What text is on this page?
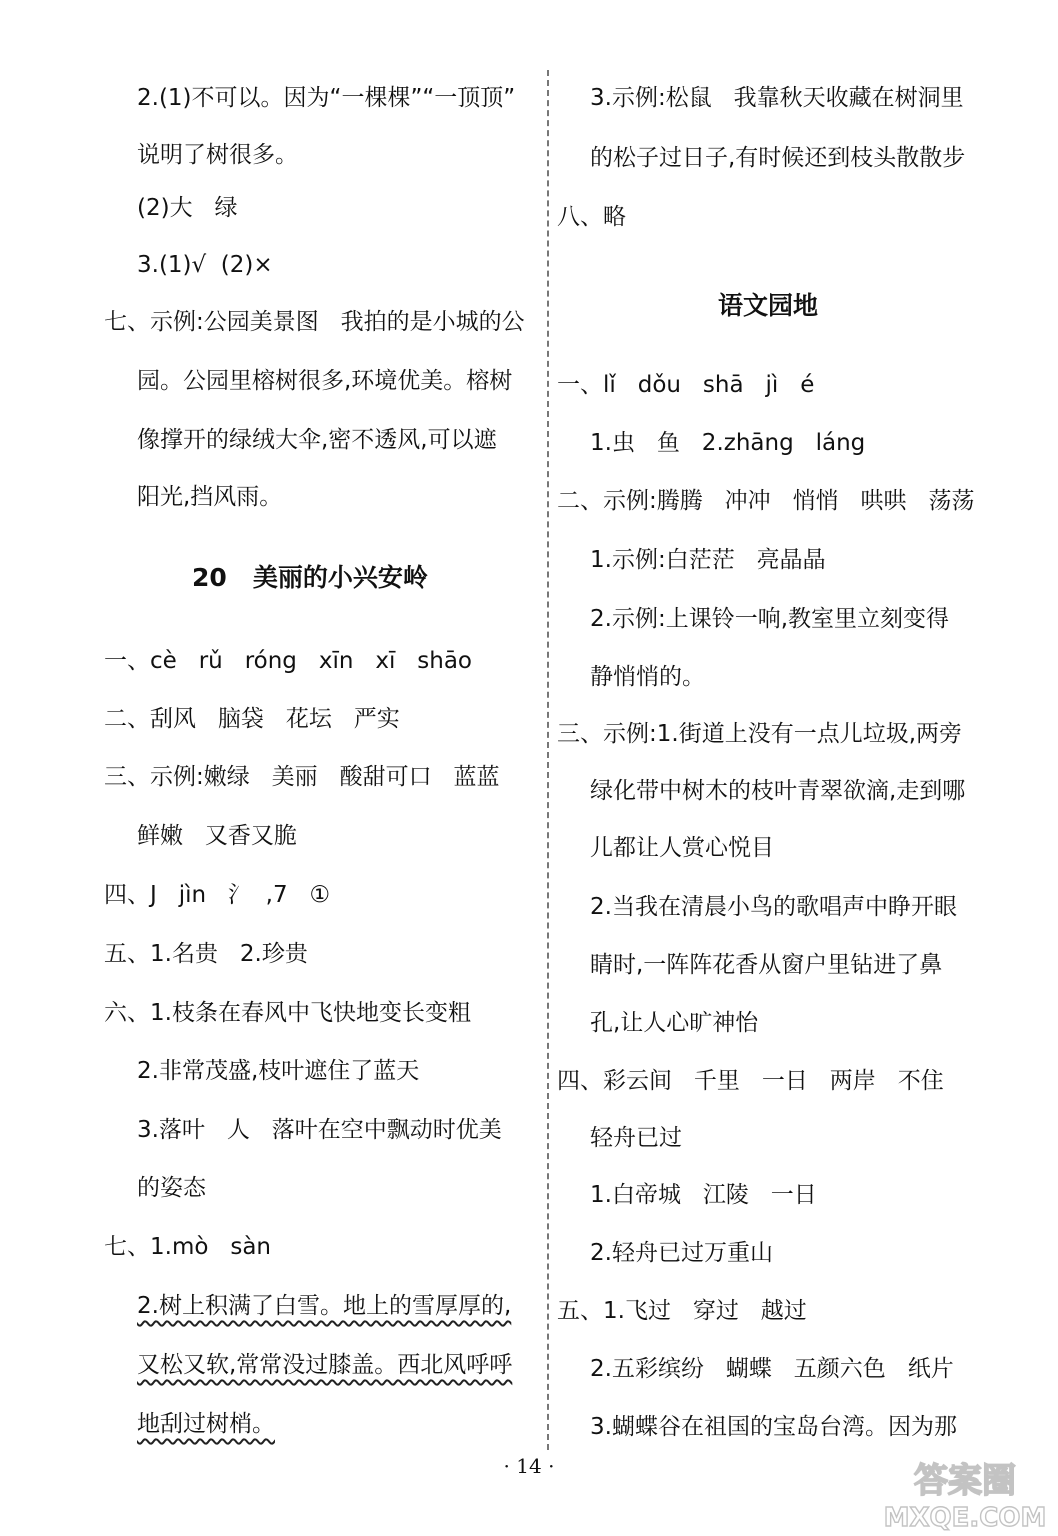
2.(1)不可以。因为“一棵棵”“一顶顶”
说明了树很多。
(2)大   绿
3.(1)√  (2)×
七、示例:公园美景图   我拍的是小城的公
园。公园里榕树很多,环境优美。榕树
像撑开的绿绒大伞,密不透风,可以遮
阳光,挡风雨。
20   美丽的小兴安岭
一、cè   rǔ   róng   xīn   xī   shāo
二、刮风   脑袋   花坛   严实
三、示例:嫩绿   美丽   酸甜可口   蓝蓝
鲜嫩   又香又脆
四、J   jìn   氵  ,7   ①
五、1.名贵   2.珍贵
六、1.枝条在春风中飞快地变长变粗
2.非常茂盛,枝叶遮住了蓝天
3.落叶   人   落叶在空中飘动时优美
的姿态
七、1.mò   sàn
2.树上积满了白雪。地上的雪厚厚的,
又松又软,常常没过膝盖。西北风呼呼
地刮过树梢。
3.示例:松鼠   我靠秋天收藏在树洞里
的松子过日子,有时候还到枝头散散步
八、略
语文园地
一、lǐ   dǒu   shā   jì   é
1.虫   鱼   2.zhāng   láng
二、示例:腾腾   冲冲   悄悄   哄哄   荡荡
1.示例:白茫茫   亮晶晶
2.示例:上课铃一响,教室里立刻变得
静悄悄的。
三、示例:1.街道上没有一点儿垃圾,两旁
绿化带中树木的枝叶青翠欲滴,走到哪
儿都让人赏心悦目
2.当我在清晨小鸟的歌唱声中睁开眼
睛时,一阵阵花香从窗户里钻进了鼻
孔,让人心旷神怡
四、彩云间   千里   一日   两岸   不住
轻舟已过
1.白帝城   江陵   一日
2.轻舟已过万重山
五、1.飞过   穿过   越过
2.五彩缤纷   蝴蝶   五颜六色   纸片
3.蝴蝶谷在祖国的宝岛台湾。因为那
· 14 ·	答案圈
MXQE.COM
